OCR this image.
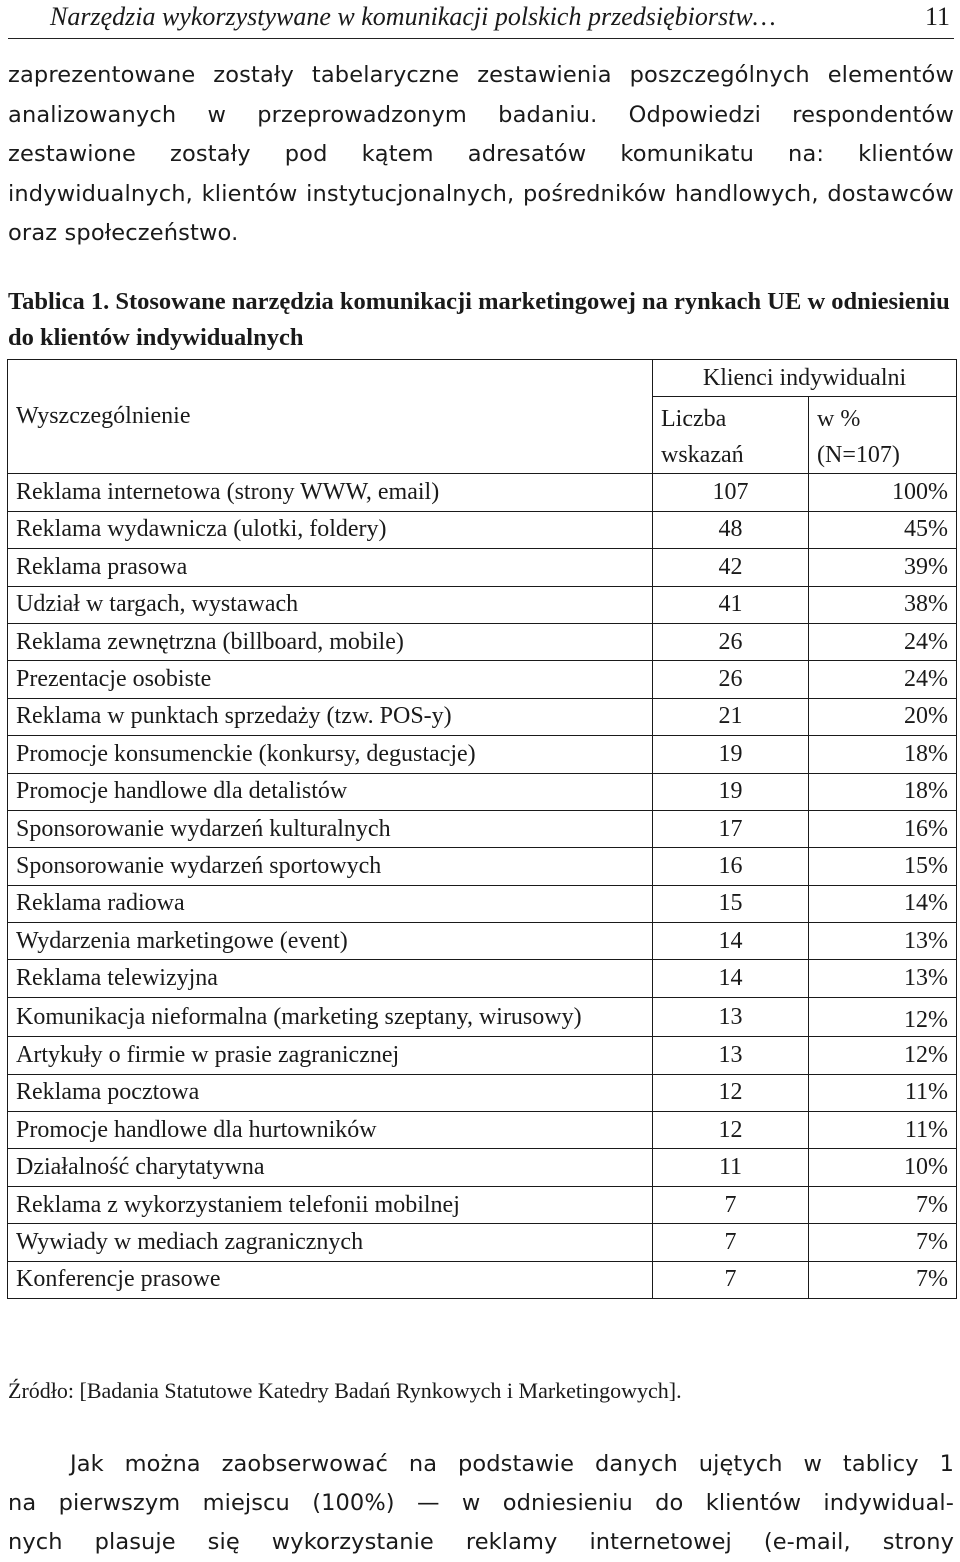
Narzędzia wykorzystywane w komunikacji polskich przedsiębiorstw…	11

zaprezentowane zostały tabelaryczne zestawienia poszczególnych elementów analizowanych w przeprowadzonym badaniu. Odpowiedzi respondentów zestawione zostały pod kątem adresatów komunikatu na: klientów indywidualnych, klientów instytucjonalnych, pośredników handlowych, dostawców oraz społeczeństwo.

Tablica 1. Stosowane narzędzia komunikacji marketingowej na rynkach UE w odniesieniu do klientów indywidualnych
Wyszczególnienie	Klienci indywidualni	
	Liczba wskazań	w % (N=107)
Reklama internetowa (strony WWW, email)	107	100%
Reklama wydawnicza (ulotki, foldery)	48	45%
Reklama prasowa	42	39%
Udział w targach, wystawach	41	38%
Reklama zewnętrzna (billboard, mobile)	26	24%
Prezentacje osobiste	26	24%
Reklama w punktach sprzedaży (tzw. POS-y)	21	20%
Promocje konsumenckie (konkursy, degustacje)	19	18%
Promocje handlowe dla detalistów	19	18%
Sponsorowanie wydarzeń kulturalnych	17	16%
Sponsorowanie wydarzeń sportowych	16	15%
Reklama radiowa	15	14%
Wydarzenia marketingowe (event)	14	13%
Reklama telewizyjna	14	13%
Komunikacja nieformalna (marketing szeptany, wirusowy)	13	12%
Artykuły o firmie w prasie zagranicznej	13	12%
Reklama pocztowa	12	11%
Promocje handlowe dla hurtowników	12	11%
Działalność charytatywna	11	10%
Reklama z wykorzystaniem telefonii mobilnej	7	7%
Wywiady w mediach zagranicznych	7	7%
Konferencje prasowe	7	7%
Źródło: [Badania Statutowe Katedry Badań Rynkowych i Marketingowych].
Jak można zaobserwować na podstawie danych ujętych w tablicy 1
na pierwszym miejscu (100%) — w odniesieniu do klientów indywidual-
nych plasuje się wykorzystanie reklamy internetowej (e-mail, strony
